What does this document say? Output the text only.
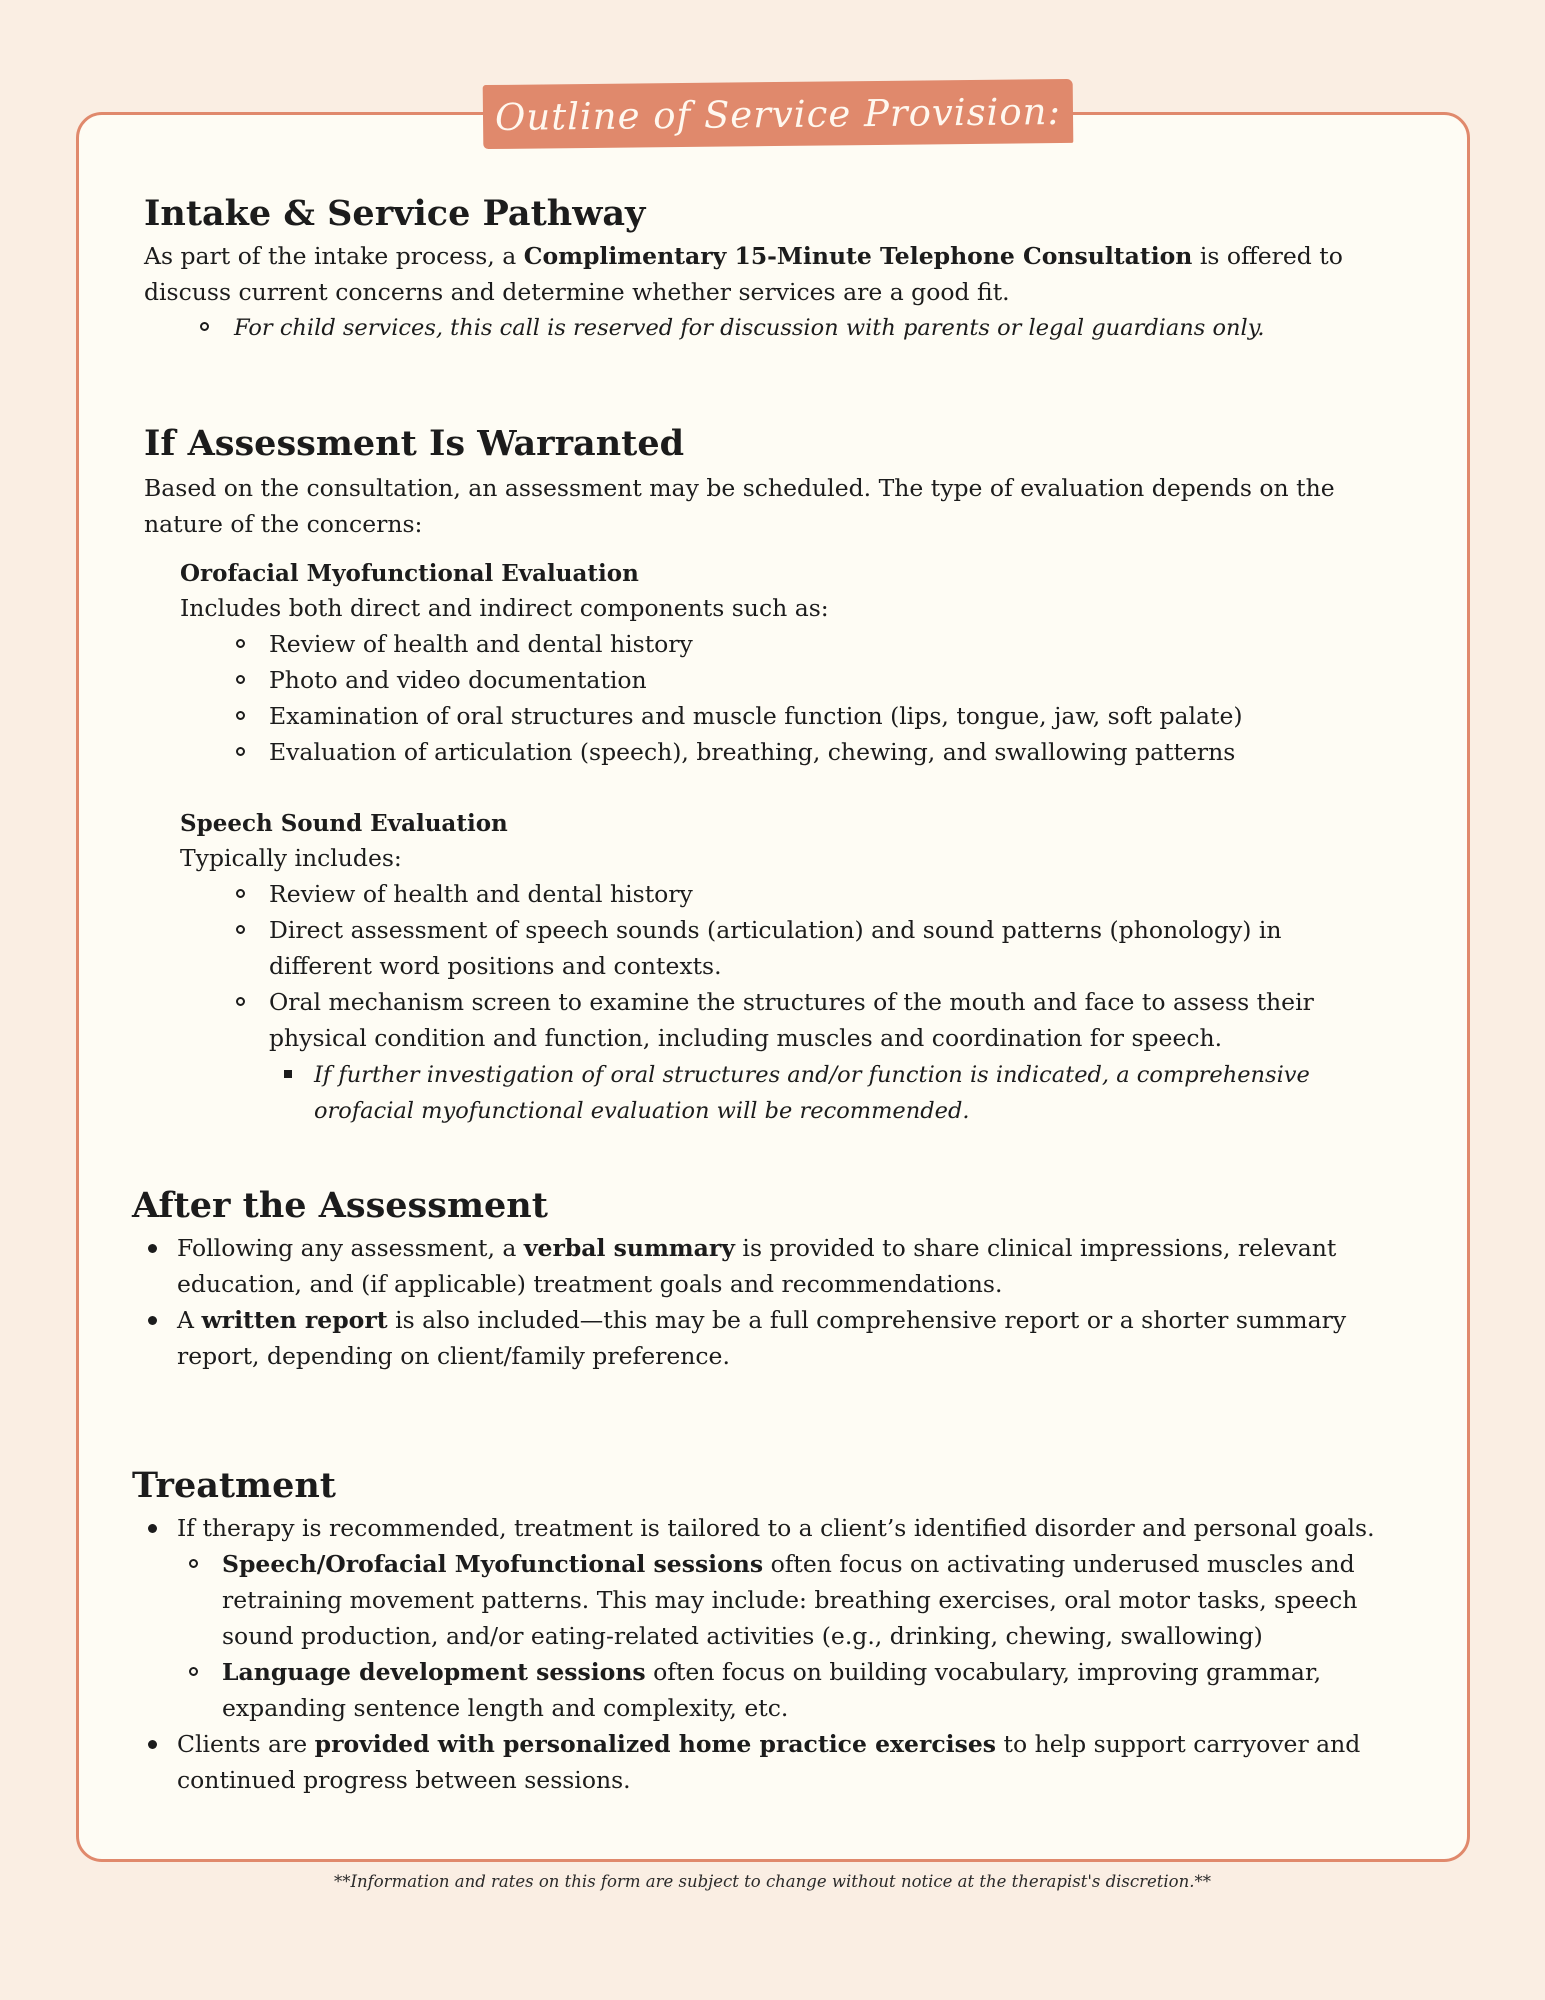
Outline of Service Provision:
Intake & Service Pathway

As part of the intake process, a Complimentary 15-Minute Telephone Consultation is offered to

discuss current concerns and determine whether services are a good fit.

For child services, this call is reserved for discussion with parents or legal guardians only.

If Assessment Is Warranted

Based on the consultation, an assessment may be scheduled. The type of evaluation depends on the

nature of the concerns:

Orofacial Myofunctional Evaluation

Includes both direct and indirect components such as:

Review of health and dental history

Photo and video documentation

Examination of oral structures and muscle function (lips, tongue, jaw, soft palate)

Evaluation of articulation (speech), breathing, chewing, and swallowing patterns

Speech Sound Evaluation

Typically includes:

Review of health and dental history

Direct assessment of speech sounds (articulation) and sound patterns (phonology) in

different word positions and contexts.

Oral mechanism screen to examine the structures of the mouth and face to assess their

physical condition and function, including muscles and coordination for speech.

If further investigation of oral structures and/or function is indicated, a comprehensive

orofacial myofunctional evaluation will be recommended.

After the Assessment

Following any assessment, a verbal summary is provided to share clinical impressions, relevant

education, and (if applicable) treatment goals and recommendations.

A written report is also included—this may be a full comprehensive report or a shorter summary

report, depending on client/family preference.

Treatment

If therapy is recommended, treatment is tailored to a client’s identified disorder and personal goals.

Speech/Orofacial Myofunctional sessions often focus on activating underused muscles and

retraining movement patterns. This may include: breathing exercises, oral motor tasks, speech

sound production, and/or eating-related activities (e.g., drinking, chewing, swallowing)

Language development sessions often focus on building vocabulary, improving grammar,

expanding sentence length and complexity, etc.

Clients are provided with personalized home practice exercises to help support carryover and

continued progress between sessions.

**Information and rates on this form are subject to change without notice at the therapist's discretion.**
